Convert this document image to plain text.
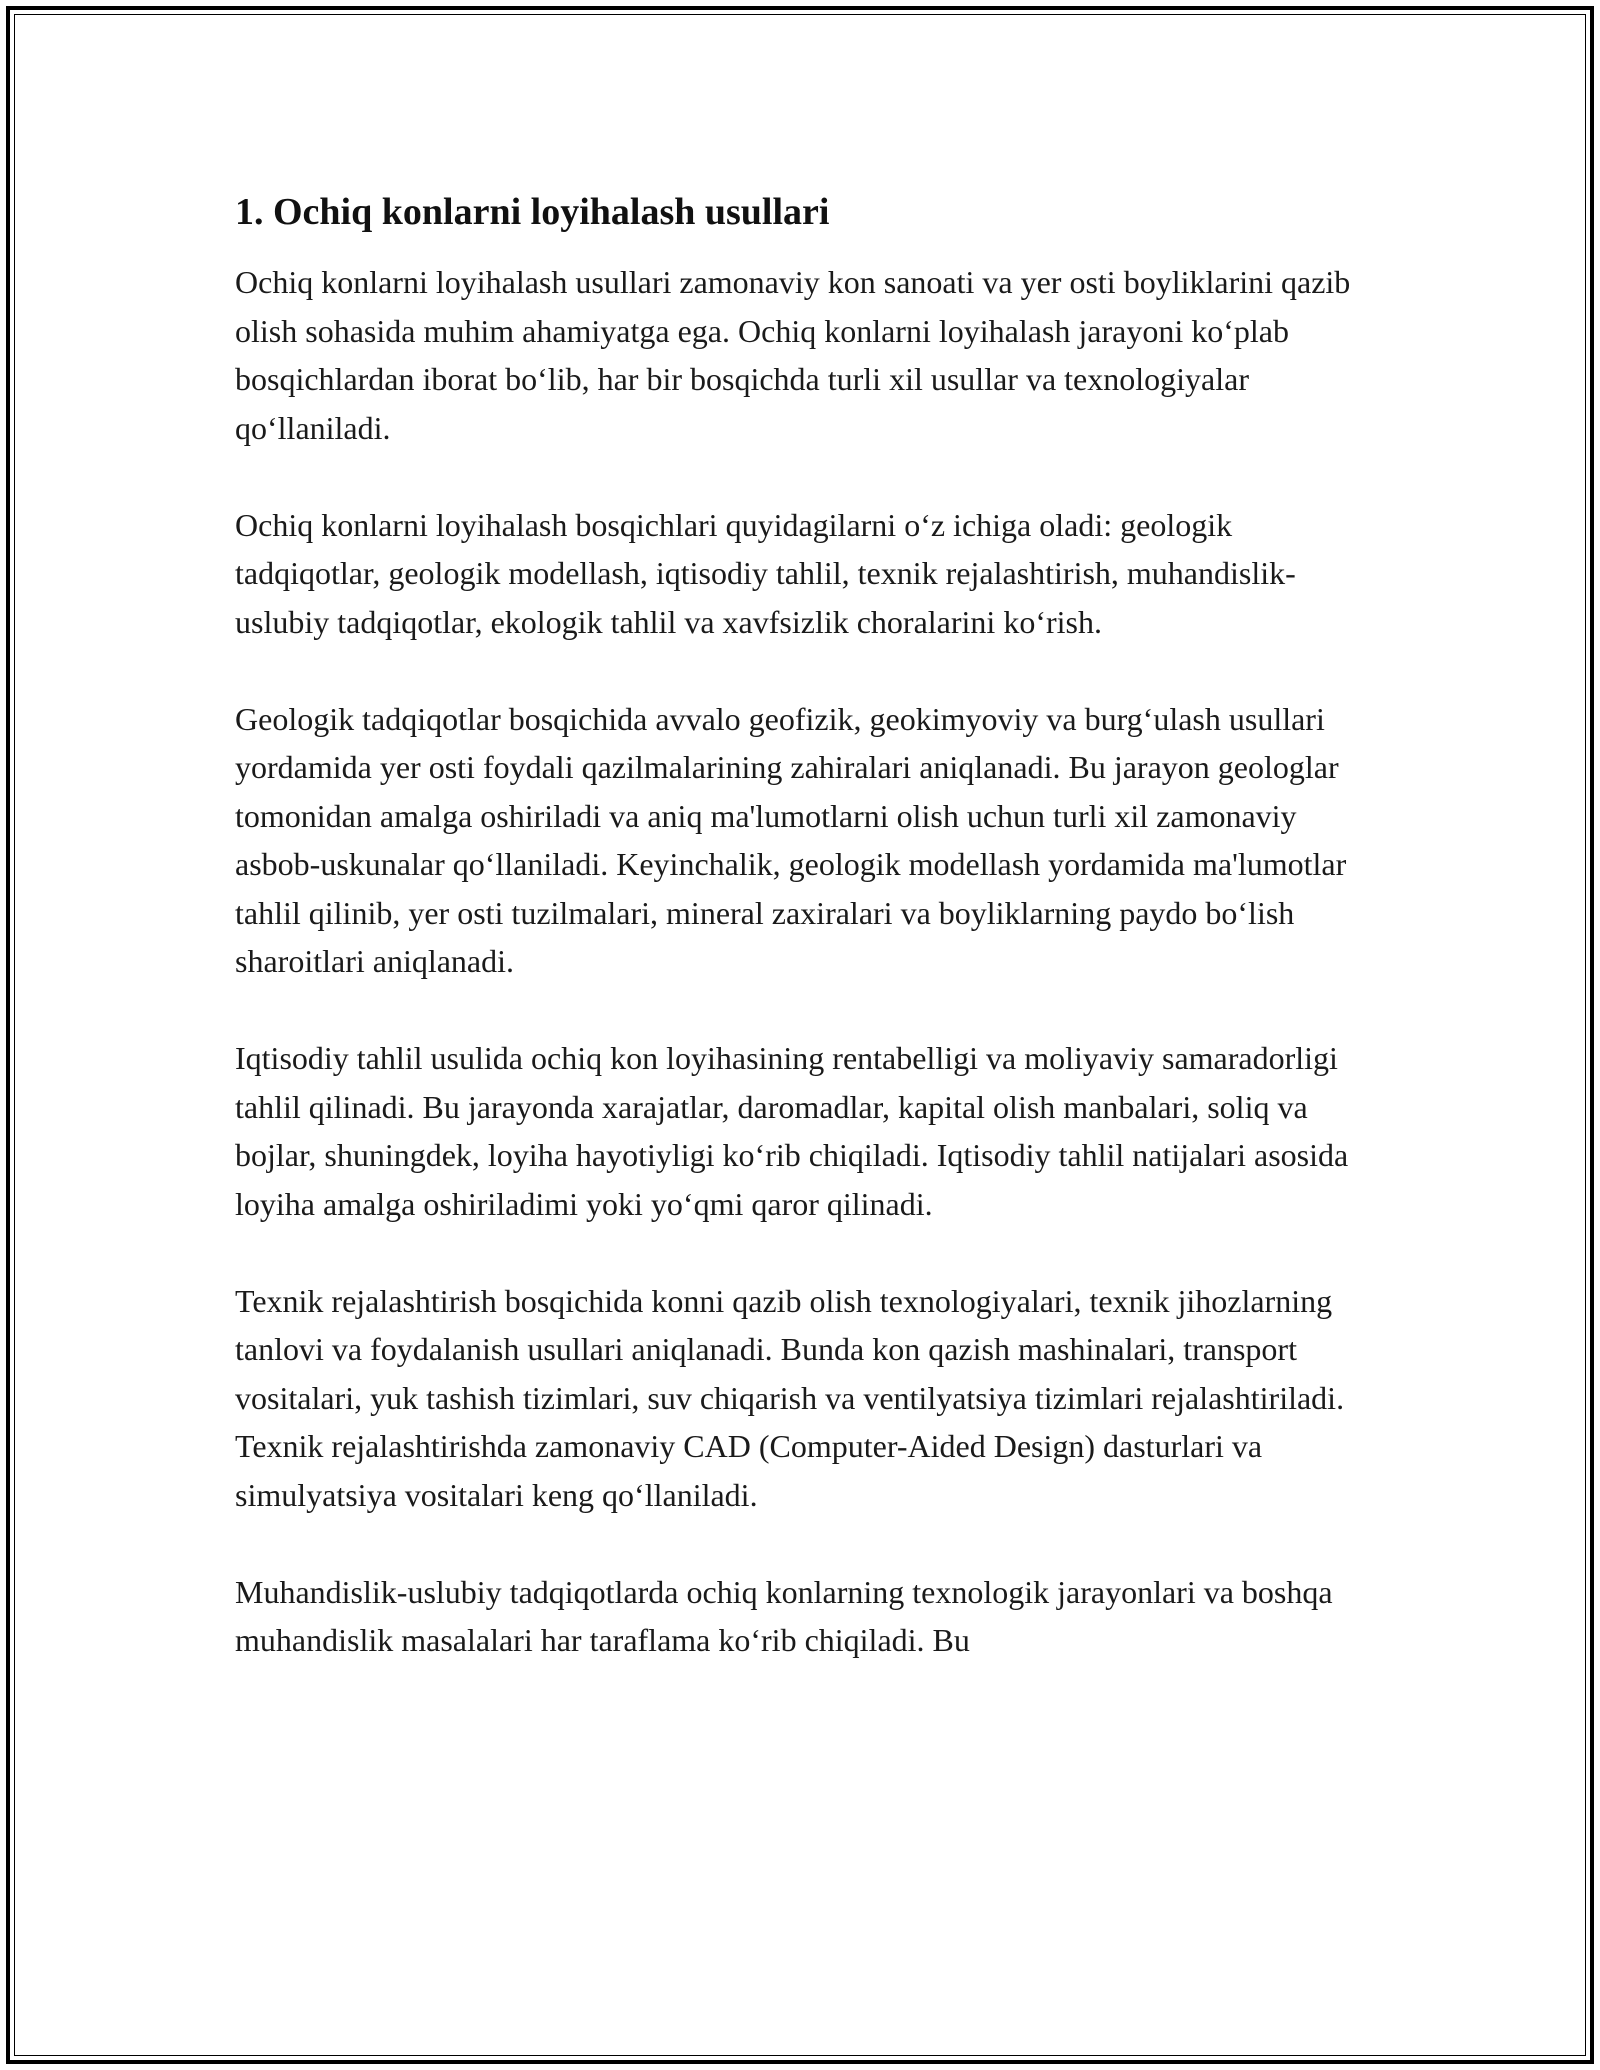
1. Ochiq konlarni loyihalash usullari

Ochiq konlarni loyihalash usullari zamonaviy kon sanoati va yer osti boyliklarini qazib olish sohasida muhim ahamiyatga ega. Ochiq konlarni loyihalash jarayoni ko‘plab bosqichlardan iborat bo‘lib, har bir bosqichda turli xil usullar va texnologiyalar qo‘llaniladi.

Ochiq konlarni loyihalash bosqichlari quyidagilarni o‘z ichiga oladi: geologik tadqiqotlar, geologik modellash, iqtisodiy tahlil, texnik rejalashtirish, muhandislik-uslubiy tadqiqotlar, ekologik tahlil va xavfsizlik choralarini ko‘rish.

Geologik tadqiqotlar bosqichida avvalo geofizik, geokimyoviy va burg‘ulash usullari yordamida yer osti foydali qazilmalarining zahiralari aniqlanadi. Bu jarayon geologlar tomonidan amalga oshiriladi va aniq ma'lumotlarni olish uchun turli xil zamonaviy asbob-uskunalar qo‘llaniladi. Keyinchalik, geologik modellash yordamida ma'lumotlar tahlil qilinib, yer osti tuzilmalari, mineral zaxiralari va boyliklarning paydo bo‘lish sharoitlari aniqlanadi.

Iqtisodiy tahlil usulida ochiq kon loyihasining rentabelligi va moliyaviy samaradorligi tahlil qilinadi. Bu jarayonda xarajatlar, daromadlar, kapital olish manbalari, soliq va bojlar, shuningdek, loyiha hayotiyligi ko‘rib chiqiladi. Iqtisodiy tahlil natijalari asosida loyiha amalga oshiriladimi yoki yo‘qmi qaror qilinadi.

Texnik rejalashtirish bosqichida konni qazib olish texnologiyalari, texnik jihozlarning tanlovi va foydalanish usullari aniqlanadi. Bunda kon qazish mashinalari, transport vositalari, yuk tashish tizimlari, suv chiqarish va ventilyatsiya tizimlari rejalashtiriladi. Texnik rejalashtirishda zamonaviy CAD (Computer-Aided Design) dasturlari va simulyatsiya vositalari keng qo‘llaniladi.

Muhandislik-uslubiy tadqiqotlarda ochiq konlarning texnologik jarayonlari va boshqa muhandislik masalalari har taraflama ko‘rib chiqiladi. Bu
